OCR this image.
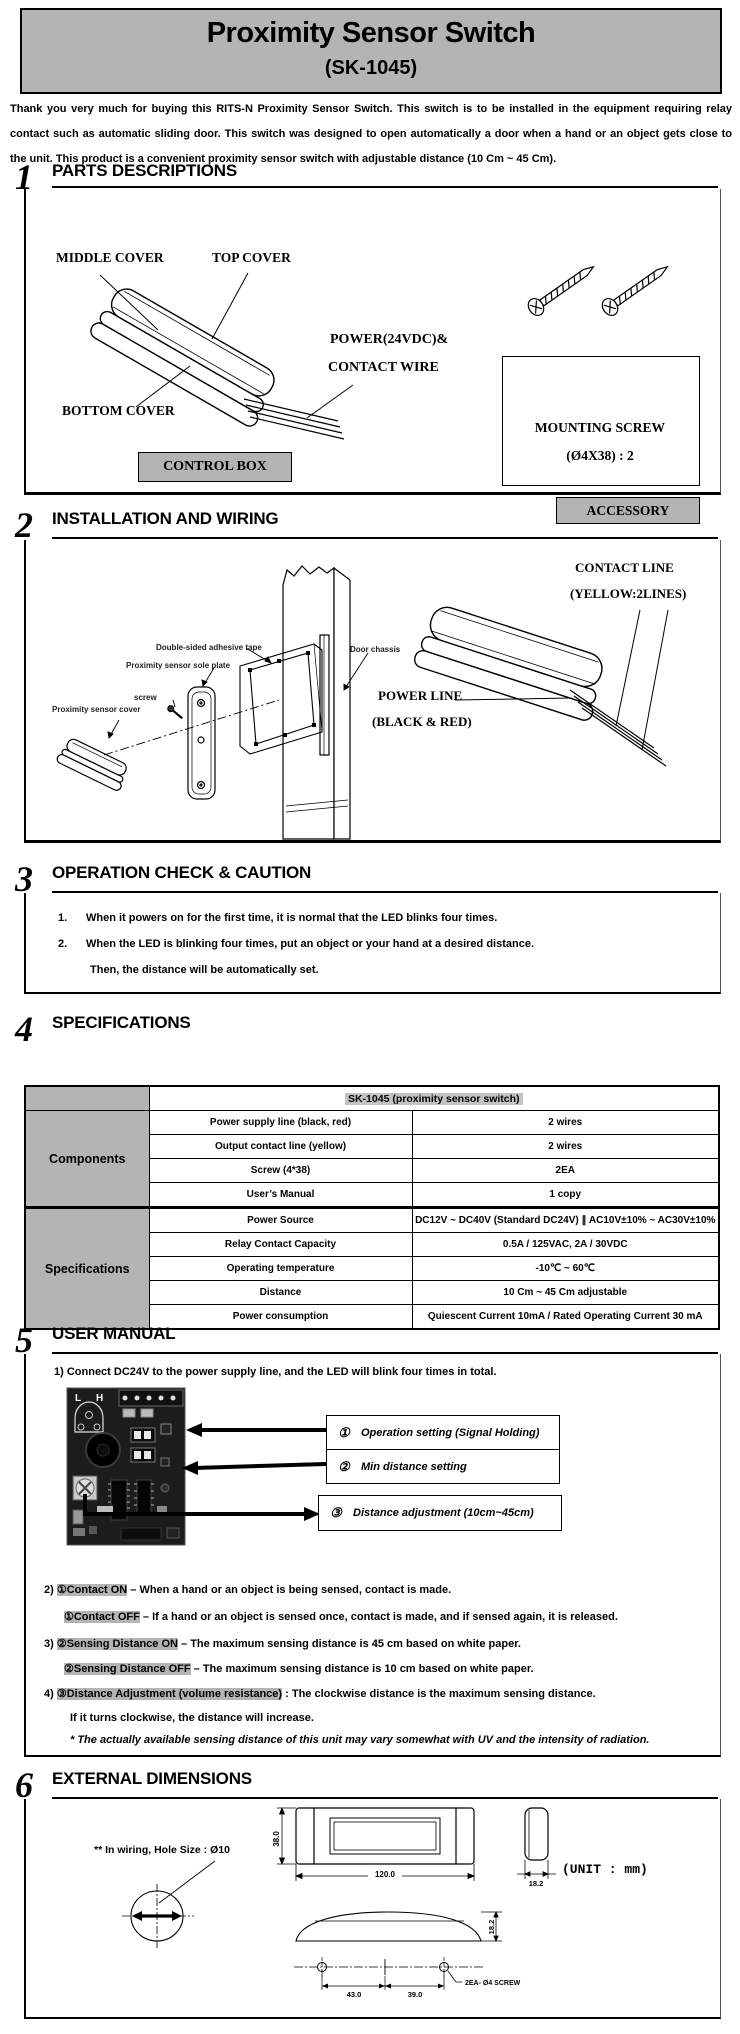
Proximity Sensor Switch
(SK-1045)
Thank you very much for buying this RITS-N Proximity Sensor Switch. This switch is to be installed in the equipment requiring relay contact such as automatic sliding door. This switch was designed to open automatically a door when a hand or an object gets close to the unit. This product is a convenient proximity sensor switch with adjustable distance (10 Cm ~ 45 Cm).
1	PARTS DESCRIPTIONS
MIDDLE COVER	TOP COVER
POWER(24VDC)&
CONTACT WIRE
BOTTOM COVER
CONTROL BOX
MOUNTING SCREW
(Ø4X38) : 2
ACCESSORY
2	INSTALLATION AND WIRING
Double-sided adhesive tape
Proximity sensor sole plate
screw
Proximity sensor cover
Door chassis
CONTACT LINE
(YELLOW:2LINES)
POWER LINE
(BLACK & RED)
3	OPERATION CHECK & CAUTION
1. When it powers on for the first time, it is normal that the LED blinks four times.
2. When the LED is blinking four times, put an object or your hand at a desired distance.
Then, the distance will be automatically set.
4	SPECIFICATIONS
	SK-1045 (proximity sensor switch)	
Components	Power supply line (black, red)	2 wires
	Output contact line (yellow)	2 wires
	Screw (4*38)	2EA
	User’s Manual	1 copy
Specifications	Power Source	DC12V ~ DC40V (Standard DC24V) ∥ AC10V±10% ~ AC30V±10%
	Relay Contact Capacity	0.5A / 125VAC, 2A / 30VDC
	Operating temperature	-10℃ ~ 60℃
	Distance	10 Cm ~ 45 Cm adjustable
	Power consumption	Quiescent Current 10mA / Rated Operating Current 30 mA
5	USER MANUAL
1) Connect DC24V to the power supply line, and the LED will blink four times in total.
L H
①	Operation setting (Signal Holding)
②	Min distance setting
③	Distance adjustment (10cm~45cm)
2) ①Contact ON – When a hand or an object is being sensed, contact is made.
①Contact OFF – If a hand or an object is sensed once, contact is made, and if sensed again, it is released.
3) ②Sensing Distance ON – The maximum sensing distance is 45 cm based on white paper.
②Sensing Distance OFF – The maximum sensing distance is 10 cm based on white paper.
4) ③Distance Adjustment (volume resistance) : The clockwise distance is the maximum sensing distance.
If it turns clockwise, the distance will increase.
* The actually available sensing distance of this unit may vary somewhat with UV and the intensity of radiation.
6	EXTERNAL DIMENSIONS
38.0
120.0
18.2
18.2
43.0	39.0
2EA- Ø4 SCREW
** In wiring, Hole Size : Ø10
(UNIT : mm)
